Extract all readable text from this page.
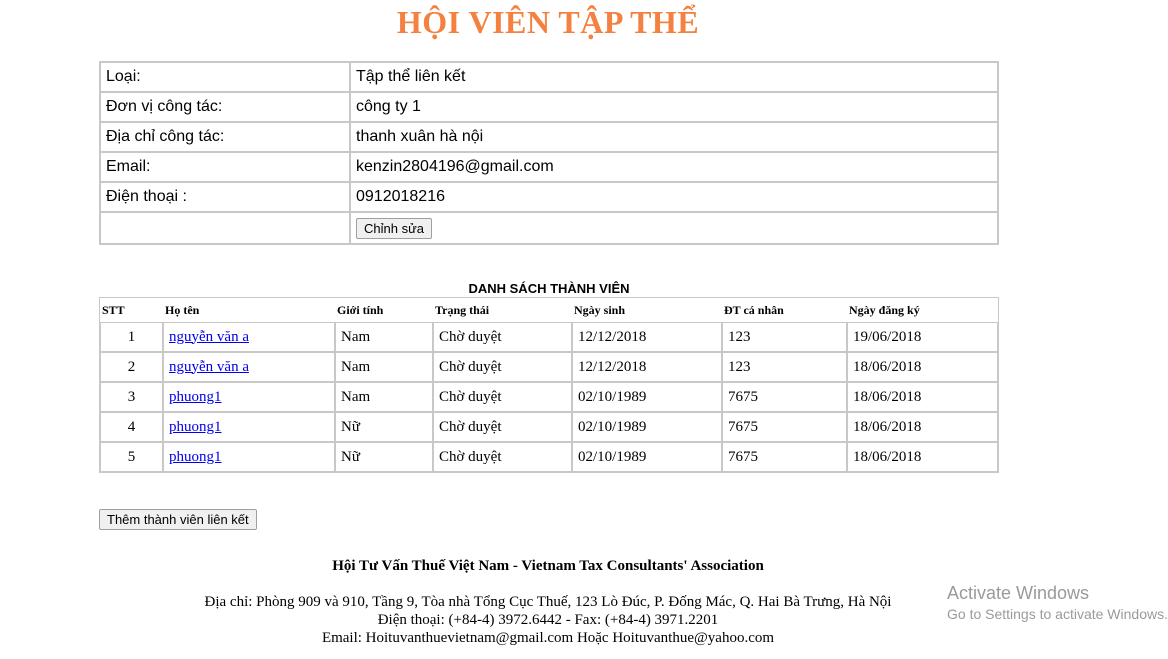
HỘI VIÊN TẬP THỂ
Loại:	Tập thể liên kết
Đơn vị công tác:	công ty 1
Địa chỉ công tác:	thanh xuân hà nội
Email:	kenzin2804196@gmail.com
Điện thoại :	0912018216
	Chỉnh sửa
DANH SÁCH THÀNH VIÊN
STT	Họ tên	Giới tính	Trạng thái	Ngày sinh	ĐT cá nhân	Ngày đăng ký
1	nguyễn văn a	Nam	Chờ duyệt	12/12/2018	123	19/06/2018
2	nguyễn văn a	Nam	Chờ duyệt	12/12/2018	123	18/06/2018
3	phuong1	Nam	Chờ duyệt	02/10/1989	7675	18/06/2018
4	phuong1	Nữ	Chờ duyệt	02/10/1989	7675	18/06/2018
5	phuong1	Nữ	Chờ duyệt	02/10/1989	7675	18/06/2018
Thêm thành viên liên kết
Hội Tư Vấn Thuế Việt Nam - Vietnam Tax Consultants' Association
Địa chỉ: Phòng 909 và 910, Tầng 9, Tòa nhà Tổng Cục Thuế, 123 Lò Đúc, P. Đống Mác, Q. Hai Bà Trưng, Hà Nội
Điện thoại: (+84-4) 3972.6442 - Fax: (+84-4) 3971.2201
Email: Hoituvanthuevietnam@gmail.com Hoặc Hoituvanthue@yahoo.com
Activate Windows
Go to Settings to activate Windows.
